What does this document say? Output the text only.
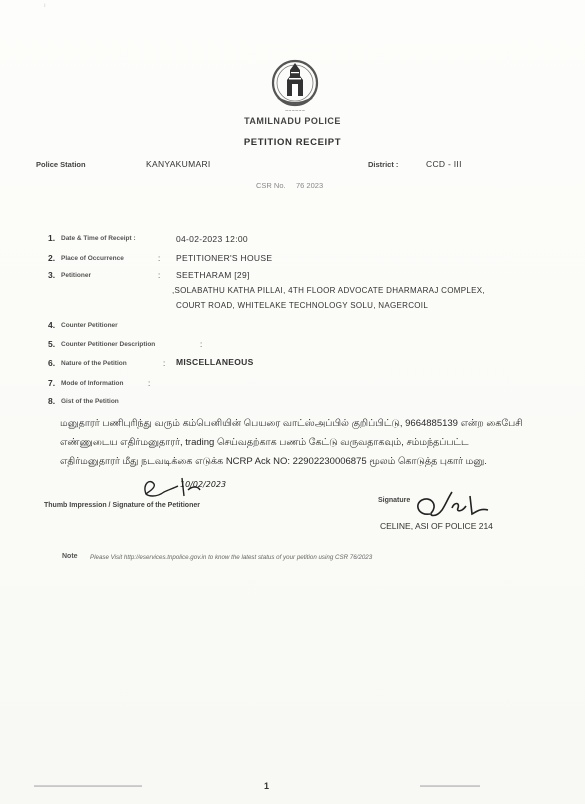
ı
~~~~~~
TAMILNADU POLICE
PETITION RECEIPT
Police Station	KANYAKUMARI	District :	CCD - III
CSR No. 76 2023
1. Date & Time of Receipt :	04-02-2023 12:00
2. Place of Occurrence	: PETITIONER'S HOUSE
3. Petitioner	: SEETHARAM [29]
,SOLABATHU KATHA PILLAI, 4TH FLOOR ADVOCATE DHARMARAJ COMPLEX,
COURT ROAD, WHITELAKE TECHNOLOGY SOLU, NAGERCOIL
4. Counter Petitioner
5. Counter Petitioner Description	:
6. Nature of the Petition	: MISCELLANEOUS
7. Mode of Information	:
8. Gist of the Petition
மனுதாரர் பணிபுரிந்து வரும் கம்பெனியின் பெயரை வாட்ஸ்அப்பில் குறிப்பிட்டு, 9664885139 என்ற கைபேசி எண்ணுடைய எதிர்மனுதாரர், trading செய்வதற்காக பணம் கேட்டு வருவதாகவும், சம்மந்தப்பட்ட எதிர்மனுதாரர் மீது நடவடிக்கை எடுக்க NCRP Ack NO: 22902230006875 மூலம் கொடுத்த புகார் மனு.
10/02/2023
Thumb Impression / Signature of the Petitioner
Signature
CELINE, ASI OF POLICE 214
Note Please Visit http://eservices.tnpolice.gov.in to know the latest status of your petition using CSR 76/2023
▬▬▬▬▬▬▬▬▬▬▬▬▬▬▬▬▬▬	1	▬▬▬▬▬▬▬▬▬▬
